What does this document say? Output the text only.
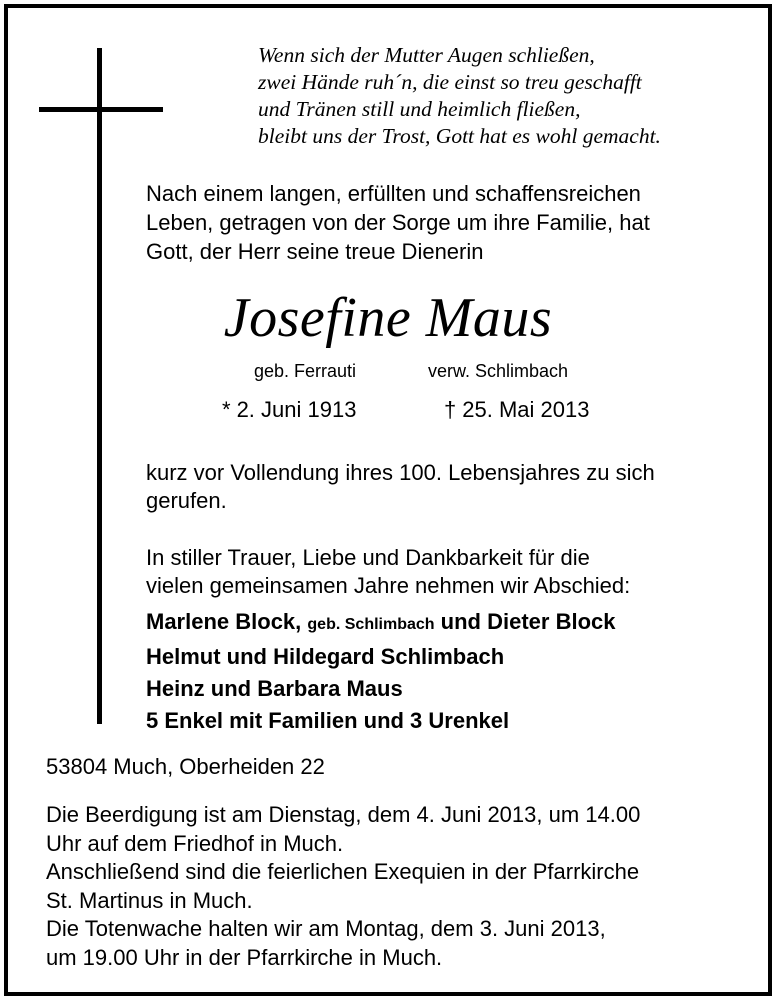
Wenn sich der Mutter Augen schließen,
zwei Hände ruh´n, die einst so treu geschafft
und Tränen still und heimlich fließen,
bleibt uns der Trost, Gott hat es wohl gemacht.
Nach einem langen, erfüllten und schaffensreichen
Leben, getragen von der Sorge um ihre Familie, hat
Gott, der Herr seine treue Dienerin
Josefine Maus
geb. Ferrauti	verw. Schlimbach
* 2. Juni 1913	† 25. Mai 2013
kurz vor Vollendung ihres 100. Lebensjahres zu sich
gerufen.
In stiller Trauer, Liebe und Dankbarkeit für die
vielen gemeinsamen Jahre nehmen wir Abschied:
Marlene Block, geb. Schlimbach und Dieter Block
Helmut und Hildegard Schlimbach
Heinz und Barbara Maus
5 Enkel mit Familien und 3 Urenkel
53804 Much, Oberheiden 22
Die Beerdigung ist am Dienstag, dem 4. Juni 2013, um 14.00
Uhr auf dem Friedhof in Much.
Anschließend sind die feierlichen Exequien in der Pfarrkirche
St. Martinus in Much.
Die Totenwache halten wir am Montag, dem 3. Juni 2013,
um 19.00 Uhr in der Pfarrkirche in Much.
